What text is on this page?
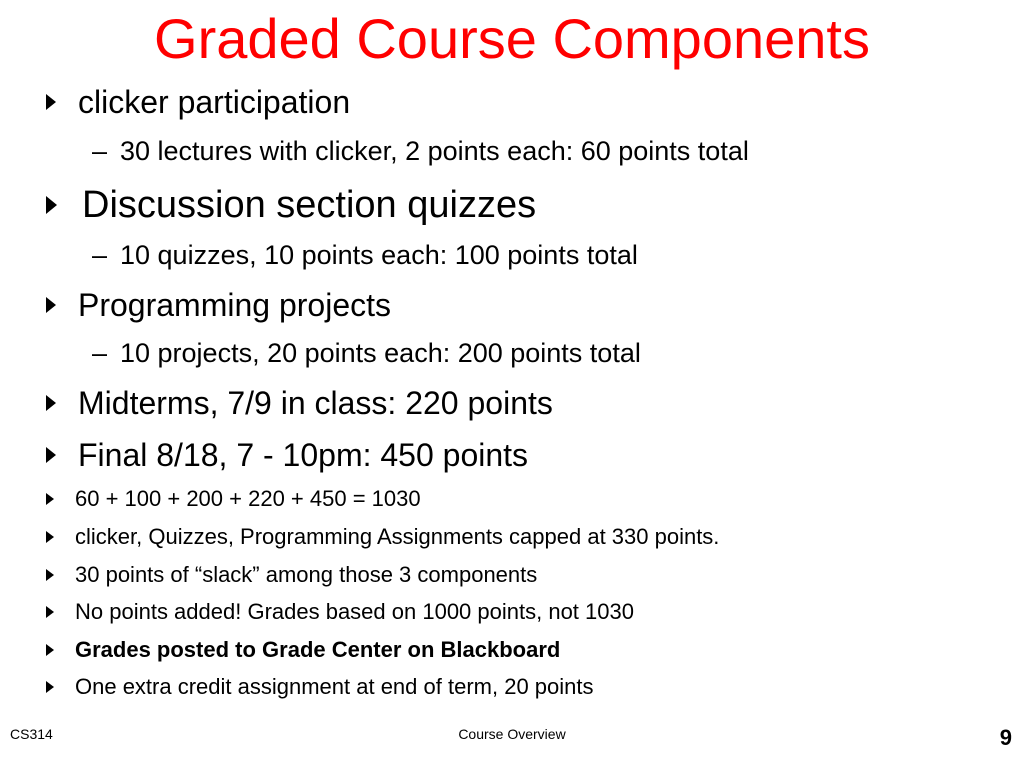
Graded Course Components
clicker participation
– 30 lectures with clicker, 2 points each: 60 points total
Discussion section quizzes
– 10 quizzes, 10 points each: 100 points total
Programming projects
– 10 projects, 20 points each: 200 points total
Midterms, 7/9 in class: 220 points
Final 8/18, 7 - 10pm: 450 points
60 + 100 + 200 + 220 + 450 = 1030
clicker, Quizzes, Programming Assignments capped at 330 points.
30 points of “slack” among those 3 components
No points added! Grades based on 1000 points, not 1030
Grades posted to Grade Center on Blackboard
One extra credit assignment at end of term, 20 points
CS314	Course Overview	9
